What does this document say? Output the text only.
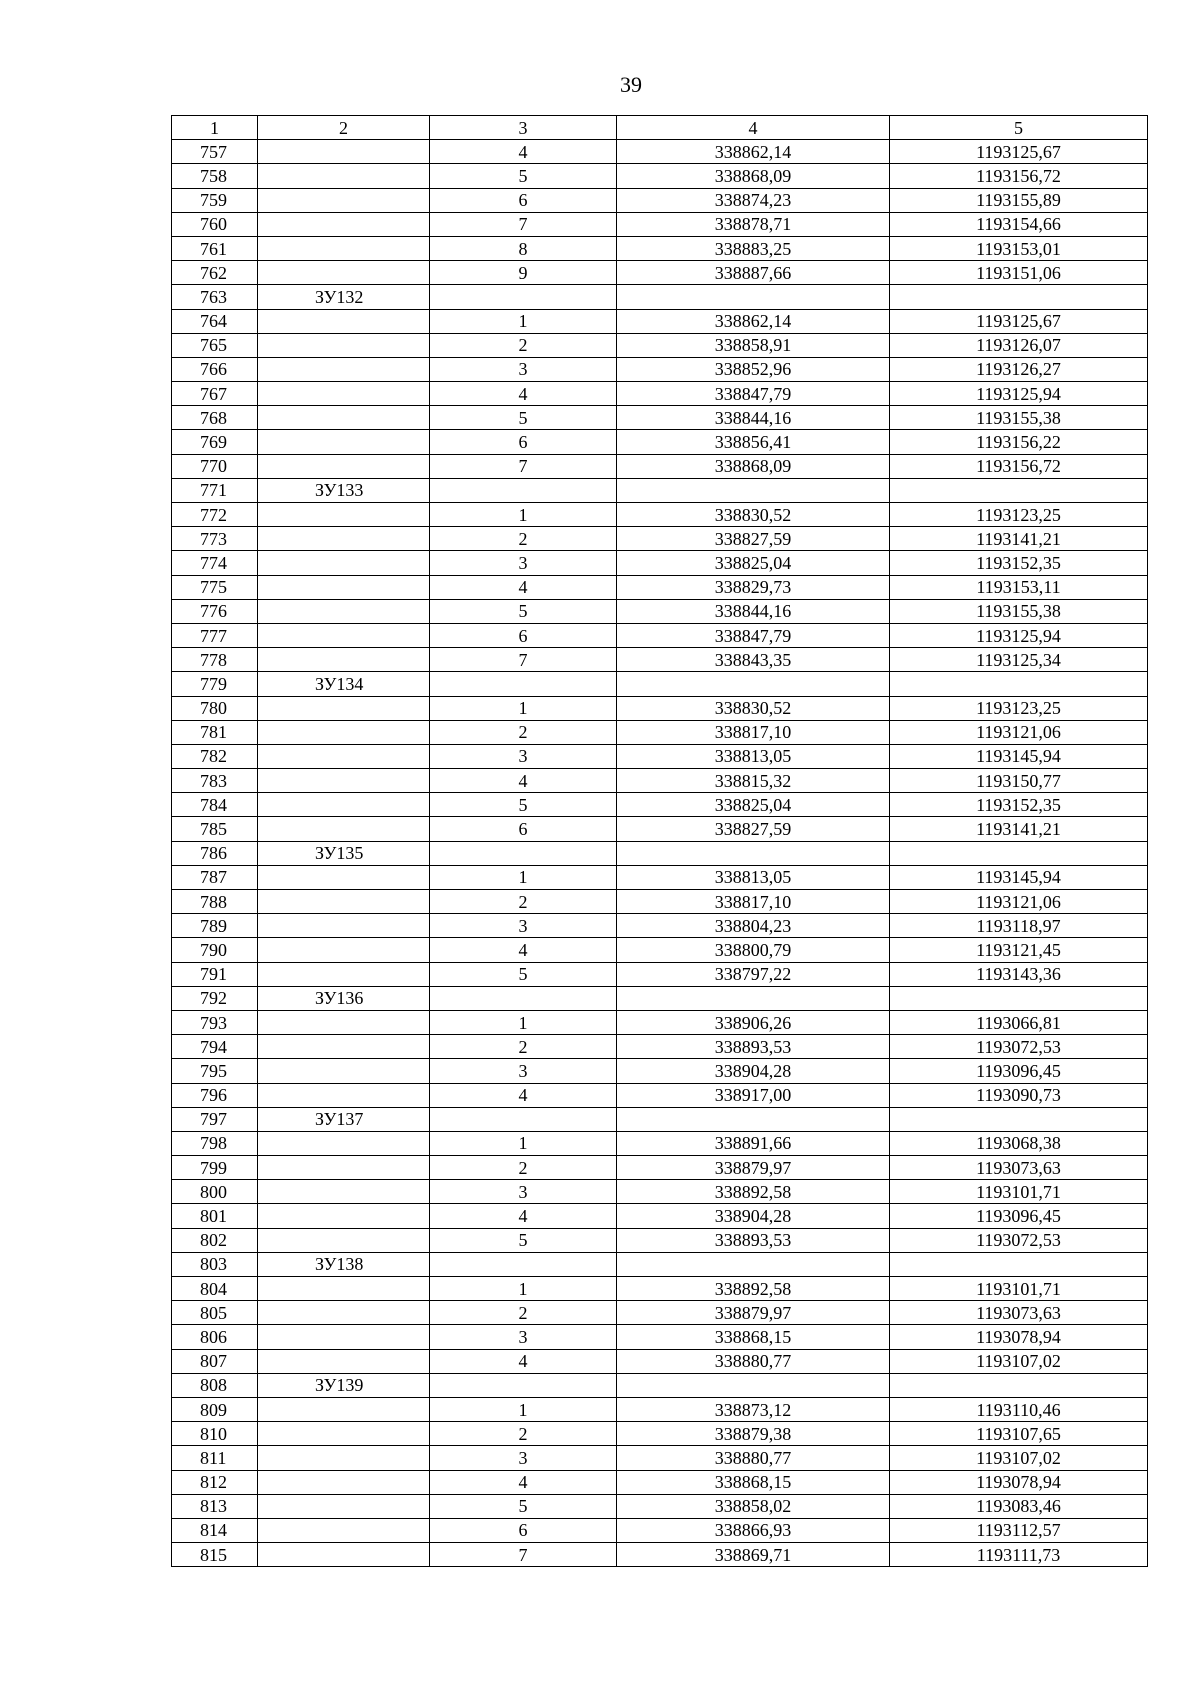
39
1	2	3	4	5
757		4	338862,14	1193125,67
758		5	338868,09	1193156,72
759		6	338874,23	1193155,89
760		7	338878,71	1193154,66
761		8	338883,25	1193153,01
762		9	338887,66	1193151,06
763	ЗУ132			
764		1	338862,14	1193125,67
765		2	338858,91	1193126,07
766		3	338852,96	1193126,27
767		4	338847,79	1193125,94
768		5	338844,16	1193155,38
769		6	338856,41	1193156,22
770		7	338868,09	1193156,72
771	ЗУ133			
772		1	338830,52	1193123,25
773		2	338827,59	1193141,21
774		3	338825,04	1193152,35
775		4	338829,73	1193153,11
776		5	338844,16	1193155,38
777		6	338847,79	1193125,94
778		7	338843,35	1193125,34
779	ЗУ134			
780		1	338830,52	1193123,25
781		2	338817,10	1193121,06
782		3	338813,05	1193145,94
783		4	338815,32	1193150,77
784		5	338825,04	1193152,35
785		6	338827,59	1193141,21
786	ЗУ135			
787		1	338813,05	1193145,94
788		2	338817,10	1193121,06
789		3	338804,23	1193118,97
790		4	338800,79	1193121,45
791		5	338797,22	1193143,36
792	ЗУ136			
793		1	338906,26	1193066,81
794		2	338893,53	1193072,53
795		3	338904,28	1193096,45
796		4	338917,00	1193090,73
797	ЗУ137			
798		1	338891,66	1193068,38
799		2	338879,97	1193073,63
800		3	338892,58	1193101,71
801		4	338904,28	1193096,45
802		5	338893,53	1193072,53
803	ЗУ138			
804		1	338892,58	1193101,71
805		2	338879,97	1193073,63
806		3	338868,15	1193078,94
807		4	338880,77	1193107,02
808	ЗУ139			
809		1	338873,12	1193110,46
810		2	338879,38	1193107,65
811		3	338880,77	1193107,02
812		4	338868,15	1193078,94
813		5	338858,02	1193083,46
814		6	338866,93	1193112,57
815		7	338869,71	1193111,73
